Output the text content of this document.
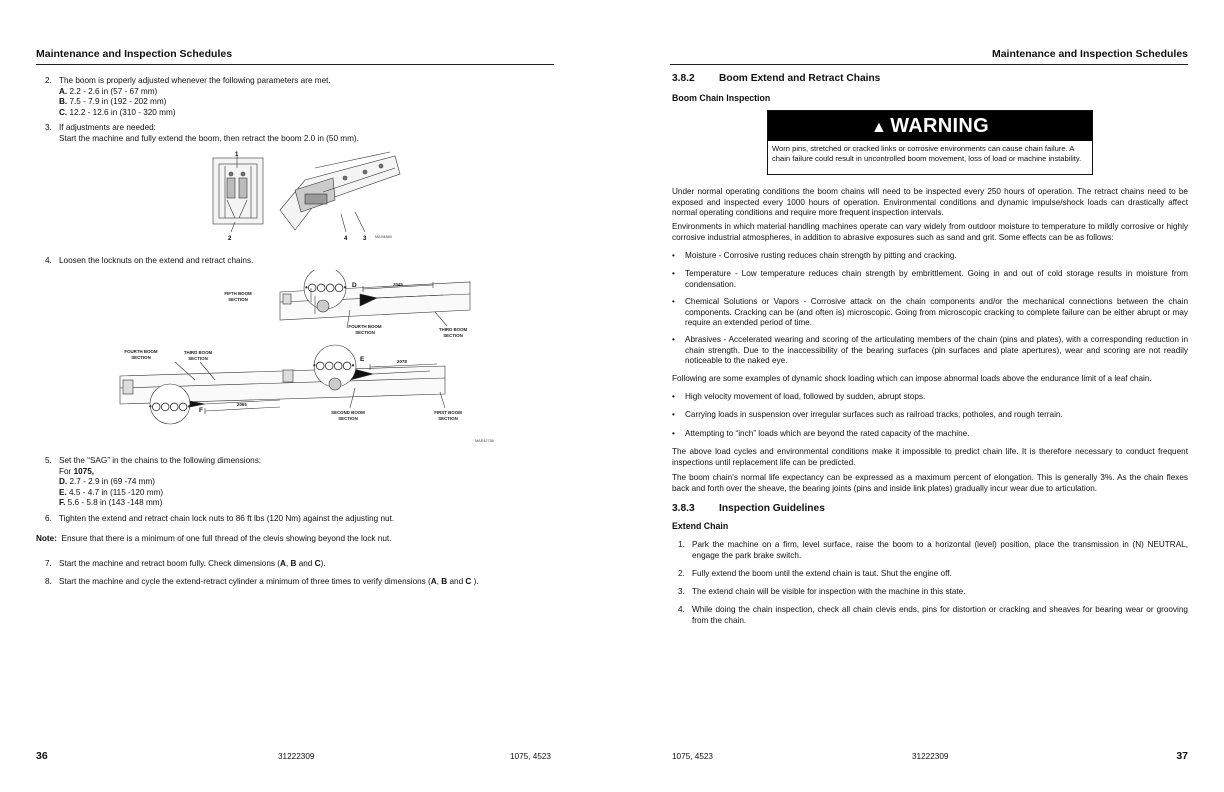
Maintenance and Inspection Schedules
2. The boom is properly adjusted whenever the following parameters are met.
A. 2.2 - 2.6 in (57 - 67 mm)
B. 7.5 - 7.9 in (192 - 202 mm)
C. 12.2 - 12.6 in (310 - 320 mm)
3. If adjustments are needed:
Start the machine and fully extend the boom, then retract the boom 2.0 in (50 mm).
1
2	4	3 MAH4880
4. Loosen the locknuts on the extend and retract chains.
•◯◯◯◯•
•◯◯◯◯•
•◯◯◯◯•
FIFTH BOOM
SECTION
FOURTH BOOM
SECTION
THIRD BOOM
SECTION
FOURTH BOOM
SECTION
THIRD BOOM
SECTION
SECOND BOOM
SECTION
FIRST BOOM
SECTION
D
E
F
2045
2078
2065
MAE42756
5. Set the “SAG” in the chains to the following dimensions:
For 1075,
D. 2.7 - 2.9 in (69 -74 mm)
E. 4.5 - 4.7 in (115 -120 mm)
F. 5.6 - 5.8 in (143 -148 mm)
6. Tighten the extend and retract chain lock nuts to 86 ft lbs (120 Nm) against the adjusting nut.
Note: Ensure that there is a minimum of one full thread of the clevis showing beyond the lock nut.
7. Start the machine and retract boom fully. Check dimensions (A, B and C).
8. Start the machine and cycle the extend-retract cylinder a minimum of three times to verify dimensions (A, B and C ).
36	31222309	1075, 4523
Maintenance and Inspection Schedules
3.8.2 Boom Extend and Retract Chains
Boom Chain Inspection
▲ WARNING
Worn pins, stretched or cracked links or corrosive environments can cause chain failure. A chain failure could result in uncontrolled boom movement, loss of load or machine instability.
Under normal operating conditions the boom chains will need to be inspected every 250 hours of operation. The retract chains need to be exposed and inspected every 1000 hours of operation. Environmental conditions and dynamic impulse/shock loads can drastically affect normal operating conditions and require more frequent inspection intervals.
Environments in which material handling machines operate can vary widely from outdoor moisture to temperature to mildly corrosive or highly corrosive industrial atmospheres, in addition to abrasive exposures such as sand and grit. Some effects can be as follows:
• Moisture - Corrosive rusting reduces chain strength by pitting and cracking.
• Temperature - Low temperature reduces chain strength by embrittlement. Going in and out of cold storage results in moisture from condensation.
• Chemical Solutions or Vapors - Corrosive attack on the chain components and/or the mechanical connections between the chain components. Cracking can be (and often is) microscopic. Going from microscopic cracking to complete failure can be either abrupt or may require an extended period of time.
• Abrasives - Accelerated wearing and scoring of the articulating members of the chain (pins and plates), with a corresponding reduction in chain strength. Due to the inaccessibility of the bearing surfaces (pin surfaces and plate apertures), wear and scoring are not readily noticeable to the naked eye.
Following are some examples of dynamic shock loading which can impose abnormal loads above the endurance limit of a leaf chain.
• High velocity movement of load, followed by sudden, abrupt stops.
• Carrying loads in suspension over irregular surfaces such as railroad tracks, potholes, and rough terrain.
• Attempting to “inch” loads which are beyond the rated capacity of the machine.
The above load cycles and environmental conditions make it impossible to predict chain life. It is therefore necessary to conduct frequent inspections until replacement life can be predicted.
The boom chain’s normal life expectancy can be expressed as a maximum percent of elongation. This is generally 3%. As the chain flexes back and forth over the sheave, the bearing joints (pins and inside link plates) gradually incur wear due to articulation.
3.8.3 Inspection Guidelines
Extend Chain
1. Park the machine on a firm, level surface, raise the boom to a horizontal (level) position, place the transmission in (N) NEUTRAL, engage the park brake switch.
2. Fully extend the boom until the extend chain is taut. Shut the engine off.
3. The extend chain will be visible for inspection with the machine in this state.
4. While doing the chain inspection, check all chain clevis ends, pins for distortion or cracking and sheaves for bearing wear or grooving from the chain.
1075, 4523	31222309	37
